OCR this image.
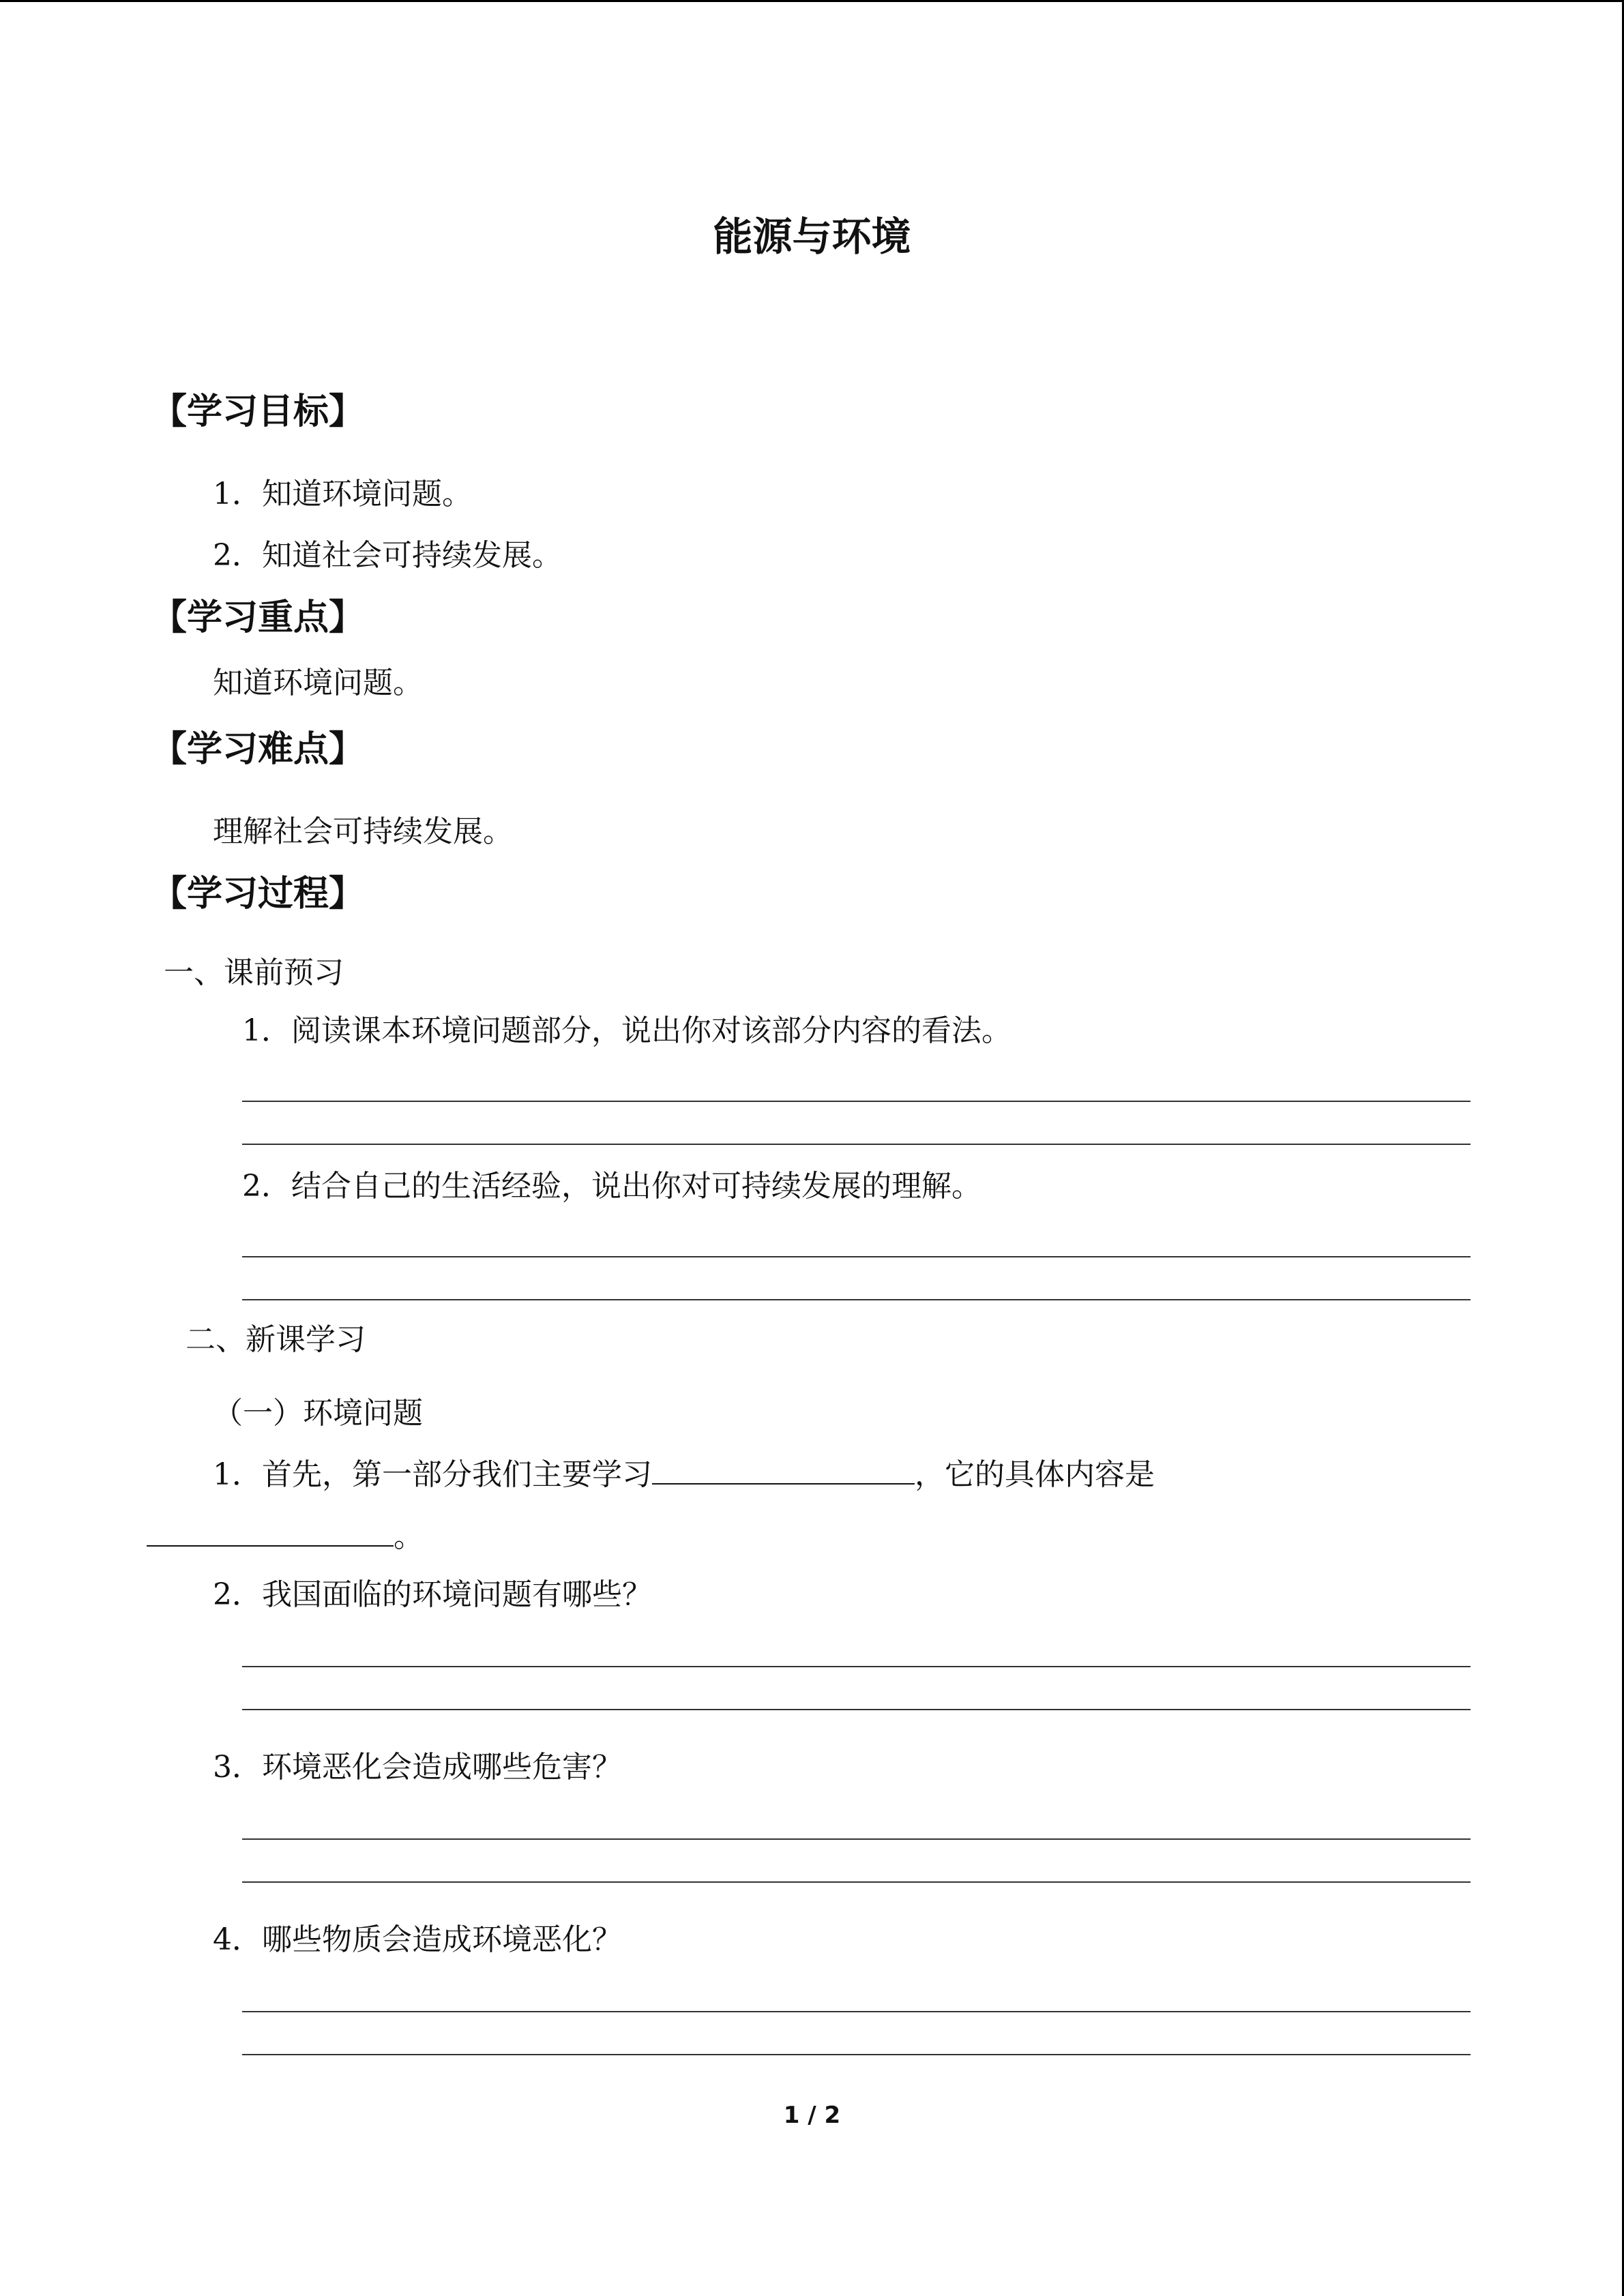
能源与环境
【学习目标】
1．知道环境问题。
2．知道社会可持续发展。
【学习重点】
知道环境问题。
【学习难点】
理解社会可持续发展。
【学习过程】
一、课前预习
1．阅读课本环境问题部分，说出你对该部分内容的看法。
2．结合自己的生活经验，说出你对可持续发展的理解。
二、新课学习
（一）环境问题
1．首先，第一部分我们主要学习	，它的具体内容是
。
2．我国面临的环境问题有哪些？
3．环境恶化会造成哪些危害？
4．哪些物质会造成环境恶化？
1 / 2
